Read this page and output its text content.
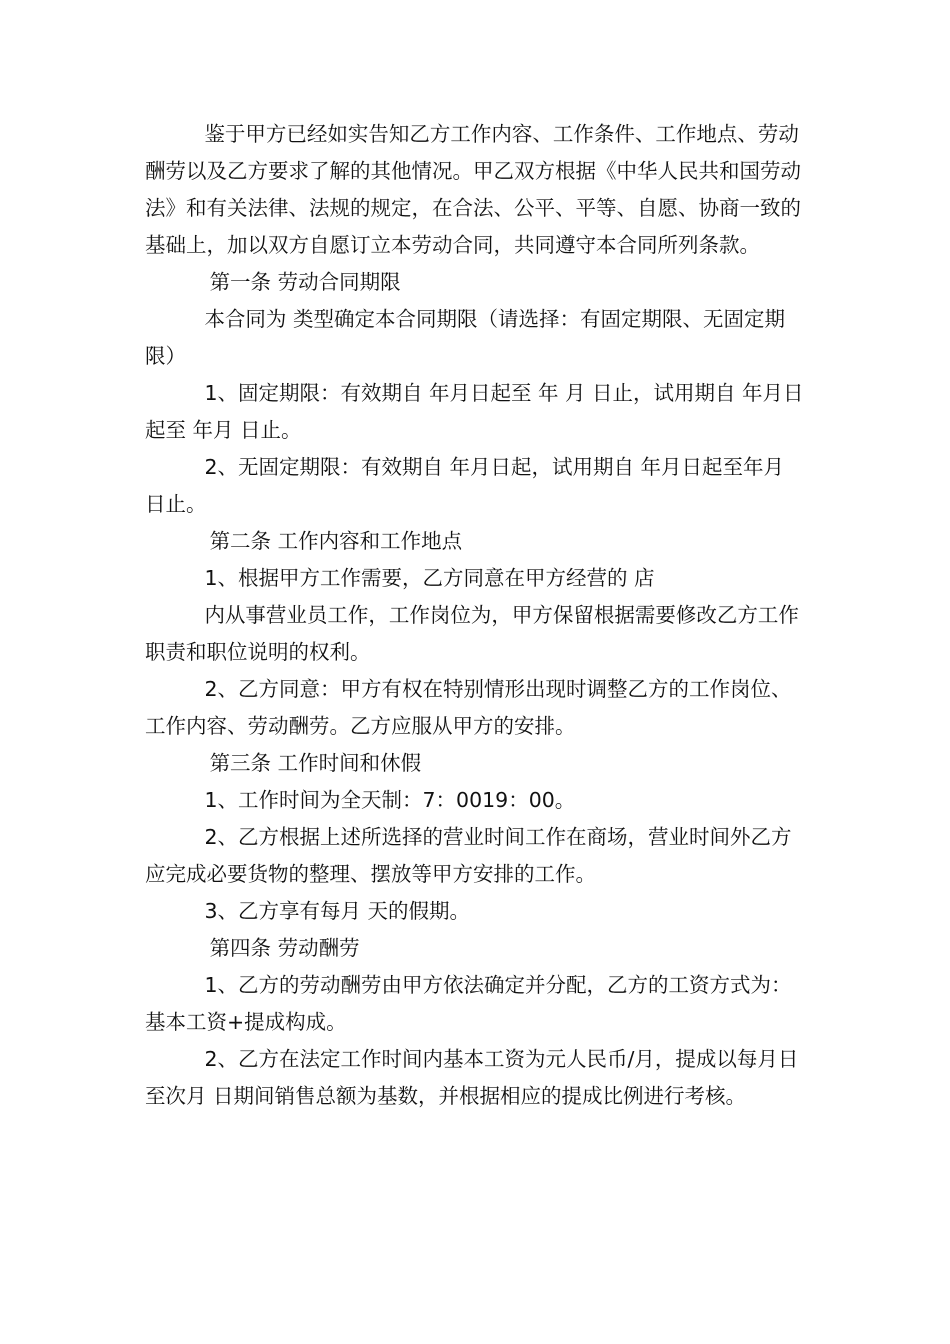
鉴于甲方已经如实告知乙方工作内容、工作条件、工作地点、劳动酬劳以及乙方要求了解的其他情况。甲乙双方根据《中华人民共和国劳动法》和有关法律、法规的规定，在合法、公平、平等、自愿、协商一致的基础上，加以双方自愿订立本劳动合同，共同遵守本合同所列条款。

第一条 劳动合同期限

本合同为 类型确定本合同期限（请选择：有固定期限、无固定期限）

1、固定期限：有效期自 年月日起至 年 月 日止，试用期自 年月日起至 年月 日止。

2、无固定期限：有效期自 年月日起，试用期自 年月日起至年月 日止。

第二条 工作内容和工作地点

1、根据甲方工作需要，乙方同意在甲方经营的 店

内从事营业员工作，工作岗位为，甲方保留根据需要修改乙方工作职责和职位说明的权利。

2、乙方同意：甲方有权在特别情形出现时调整乙方的工作岗位、工作内容、劳动酬劳。乙方应服从甲方的安排。

第三条 工作时间和休假

1、工作时间为全天制：7：0019：00。

2、乙方根据上述所选择的营业时间工作在商场，营业时间外乙方应完成必要货物的整理、摆放等甲方安排的工作。

3、乙方享有每月 天的假期。

第四条 劳动酬劳

1、乙方的劳动酬劳由甲方依法确定并分配，乙方的工资方式为：基本工资+提成构成。

2、乙方在法定工作时间内基本工资为元人民币/月，提成以每月日至次月 日期间销售总额为基数，并根据相应的提成比例进行考核。
